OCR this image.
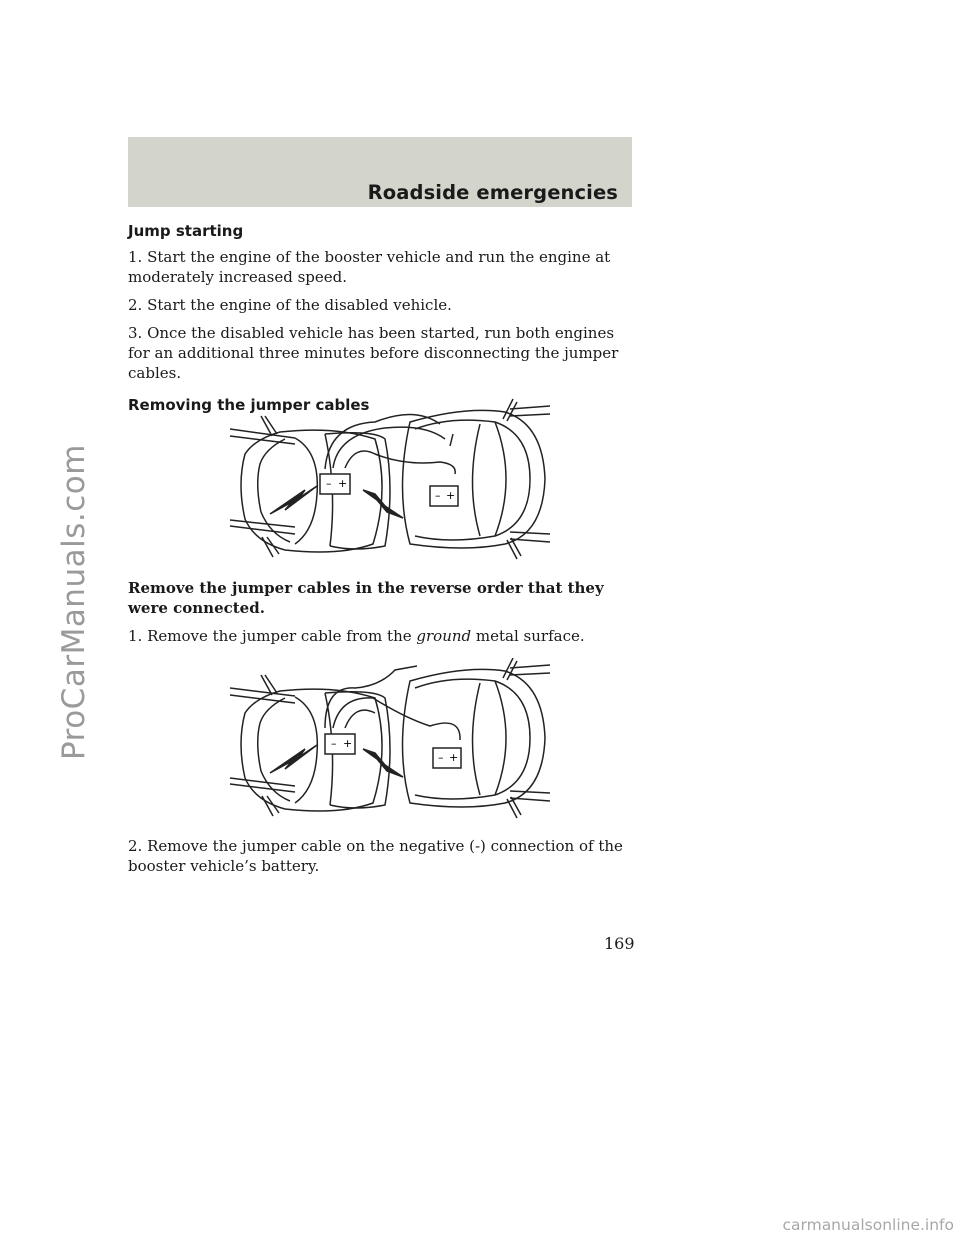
Roadside emergencies
Jump starting

1. Start the engine of the booster vehicle and run the engine at moderately increased speed.

2. Start the engine of the disabled vehicle.

3. Once the disabled vehicle has been started, run both engines for an additional three minutes before disconnecting the jumper cables.

Removing the jumper cables
– +
– +

Remove the jumper cables in the reverse order that they were connected.

1. Remove the jumper cable from the ground metal surface.

– +
– +

2. Remove the jumper cable on the negative (-) connection of the booster vehicle’s battery.

169
ProCarManuals.com
carmanualsonline.info
